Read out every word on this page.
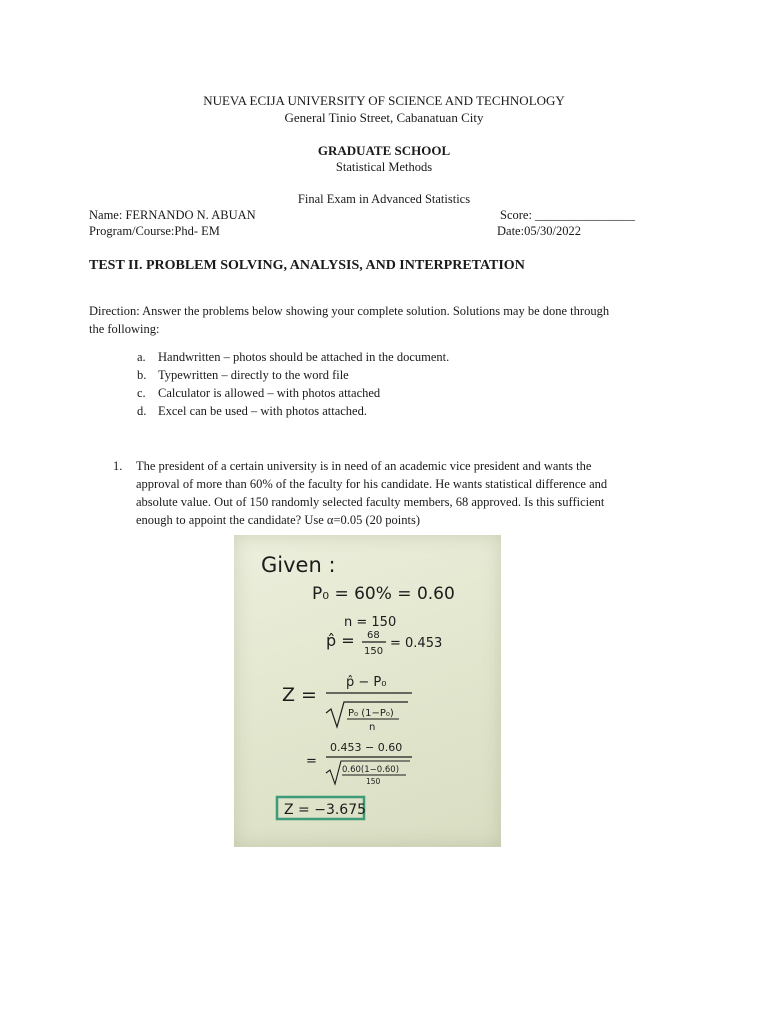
NUEVA ECIJA UNIVERSITY OF SCIENCE AND TECHNOLOGY
General Tinio Street, Cabanatuan City
GRADUATE SCHOOL
Statistical Methods
Final Exam in Advanced Statistics
Name: FERNANDO N. ABUAN	Score: ________________
Program/Course:Phd- EM	Date:05/30/2022
TEST II. PROBLEM SOLVING, ANALYSIS, AND INTERPRETATION
Direction: Answer the problems below showing your complete solution. Solutions may be done through
the following:
a. Handwritten – photos should be attached in the document.
b. Typewritten – directly to the word file
c. Calculator is allowed – with photos attached
d. Excel can be used – with photos attached.
1. The president of a certain university is in need of an academic vice president and wants the
approval of more than 60% of the faculty for his candidate. He wants statistical difference and
absolute value. Out of 150 randomly selected faculty members, 68 approved. Is this sufficient
enough to appoint the candidate? Use α=0.05 (20 points)
Given :
P₀ = 60% = 0.60
n = 150
p̂ = 68
150
= 0.453
Z =
p̂ − P₀
P₀ (1−P₀)
n
=
0.453 − 0.60
0.60(1−0.60)
150
Z = −3.675
